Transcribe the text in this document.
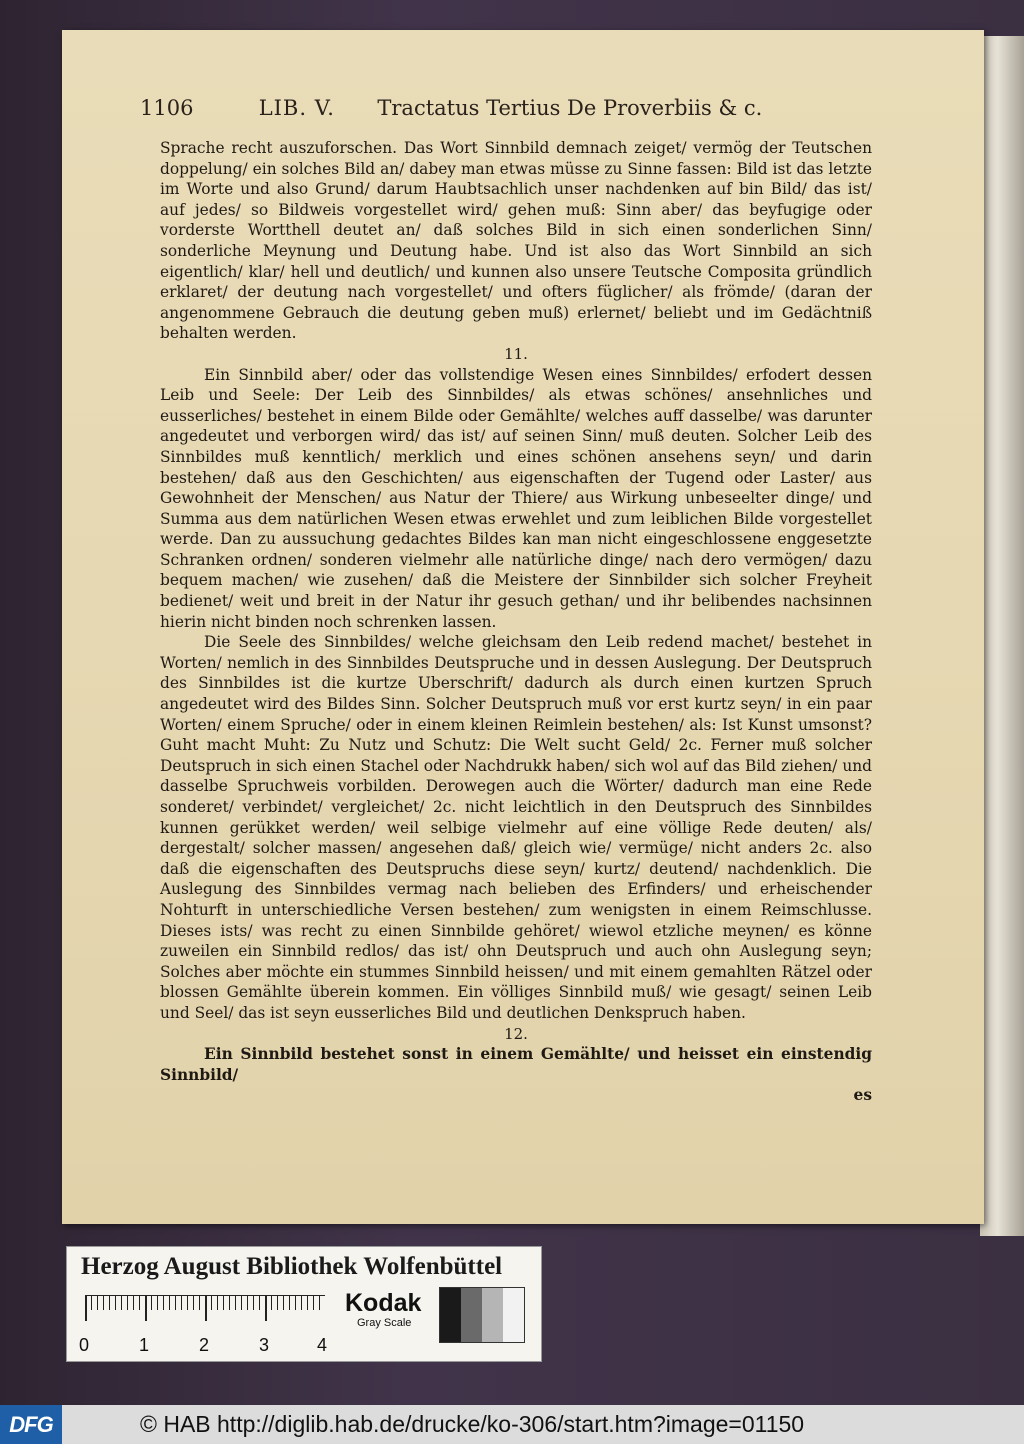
1106	LIB. V. Tractatus Tertius De Proverbiis & c.

Sprache recht auszuforschen. Das Wort Sinnbild demnach zeiget/ vermög der Teutschen doppelung/ ein solches Bild an/ dabey man etwas müsse zu Sinne fassen: Bild ist das letzte im Worte und also Grund/ darum Haubtsachlich unser nachdenken auf bin Bild/ das ist/ auf jedes/ so Bildweis vorgestellet wird/ gehen muß: Sinn aber/ das beyfugige oder vorderste Wortthell deutet an/ daß solches Bild in sich einen sonderlichen Sinn/ sonderliche Meynung und Deutung habe. Und ist also das Wort Sinnbild an sich eigentlich/ klar/ hell und deutlich/ und kunnen also unsere Teutsche Composita gründlich erklaret/ der deutung nach vorgestellet/ und ofters füglicher/ als frömde/ (daran der angenommene Gebrauch die deutung geben muß) erlernet/ beliebt und im Gedächtniß behalten werden.

11.

Ein Sinnbild aber/ oder das vollstendige Wesen eines Sinnbildes/ erfodert dessen Leib und Seele: Der Leib des Sinnbildes/ als etwas schönes/ ansehnliches und eusserliches/ bestehet in einem Bilde oder Gemählte/ welches auff dasselbe/ was darunter angedeutet und verborgen wird/ das ist/ auf seinen Sinn/ muß deuten. Solcher Leib des Sinnbildes muß kenntlich/ merklich und eines schönen ansehens seyn/ und darin bestehen/ daß aus den Geschichten/ aus eigenschaften der Tugend oder Laster/ aus Gewohnheit der Menschen/ aus Natur der Thiere/ aus Wirkung unbeseelter dinge/ und Summa aus dem natürlichen Wesen etwas erwehlet und zum leiblichen Bilde vorgestellet werde. Dan zu aussuchung gedachtes Bildes kan man nicht eingeschlossene enggesetzte Schranken ordnen/ sonderen vielmehr alle natürliche dinge/ nach dero vermögen/ dazu bequem machen/ wie zusehen/ daß die Meistere der Sinnbilder sich solcher Freyheit bedienet/ weit und breit in der Natur ihr gesuch gethan/ und ihr belibendes nachsinnen hierin nicht binden noch schrenken lassen.

Die Seele des Sinnbildes/ welche gleichsam den Leib redend machet/ bestehet in Worten/ nemlich in des Sinnbildes Deutspruche und in dessen Auslegung. Der Deutspruch des Sinnbildes ist die kurtze Uberschrift/ dadurch als durch einen kurtzen Spruch angedeutet wird des Bildes Sinn. Solcher Deutspruch muß vor erst kurtz seyn/ in ein paar Worten/ einem Spruche/ oder in einem kleinen Reimlein bestehen/ als: Ist Kunst umsonst? Guht macht Muht: Zu Nutz und Schutz: Die Welt sucht Geld/ 2c. Ferner muß solcher Deutspruch in sich einen Stachel oder Nachdrukk haben/ sich wol auf das Bild ziehen/ und dasselbe Spruchweis vorbilden. Derowegen auch die Wörter/ dadurch man eine Rede sonderet/ verbindet/ vergleichet/ 2c. nicht leichtlich in den Deutspruch des Sinnbildes kunnen gerükket werden/ weil selbige vielmehr auf eine völlige Rede deuten/ als/ dergestalt/ solcher massen/ angesehen daß/ gleich wie/ vermüge/ nicht anders 2c. also daß die eigenschaften des Deutspruchs diese seyn/ kurtz/ deutend/ nachdenklich. Die Auslegung des Sinnbildes vermag nach belieben des Erfinders/ und erheischender Nohturft in unterschiedliche Versen bestehen/ zum wenigsten in einem Reimschlusse. Dieses ists/ was recht zu einen Sinnbilde gehöret/ wiewol etzliche meynen/ es könne zuweilen ein Sinnbild redlos/ das ist/ ohn Deutspruch und auch ohn Auslegung seyn; Solches aber möchte ein stummes Sinnbild heissen/ und mit einem gemahlten Rätzel oder blossen Gemählte überein kommen. Ein völliges Sinnbild muß/ wie gesagt/ seinen Leib und Seel/ das ist seyn eusserliches Bild und deutlichen Denkspruch haben.

12.

Ein Sinnbild bestehet sonst in einem Gemählte/ und heisset ein einstendig Sinnbild/

es

Herzog August Bibliothek Wolfenbüttel
0	1	2	3	4
Kodak
Gray Scale
DFG	© HAB http://diglib.hab.de/drucke/ko-306/start.htm?image=01150
